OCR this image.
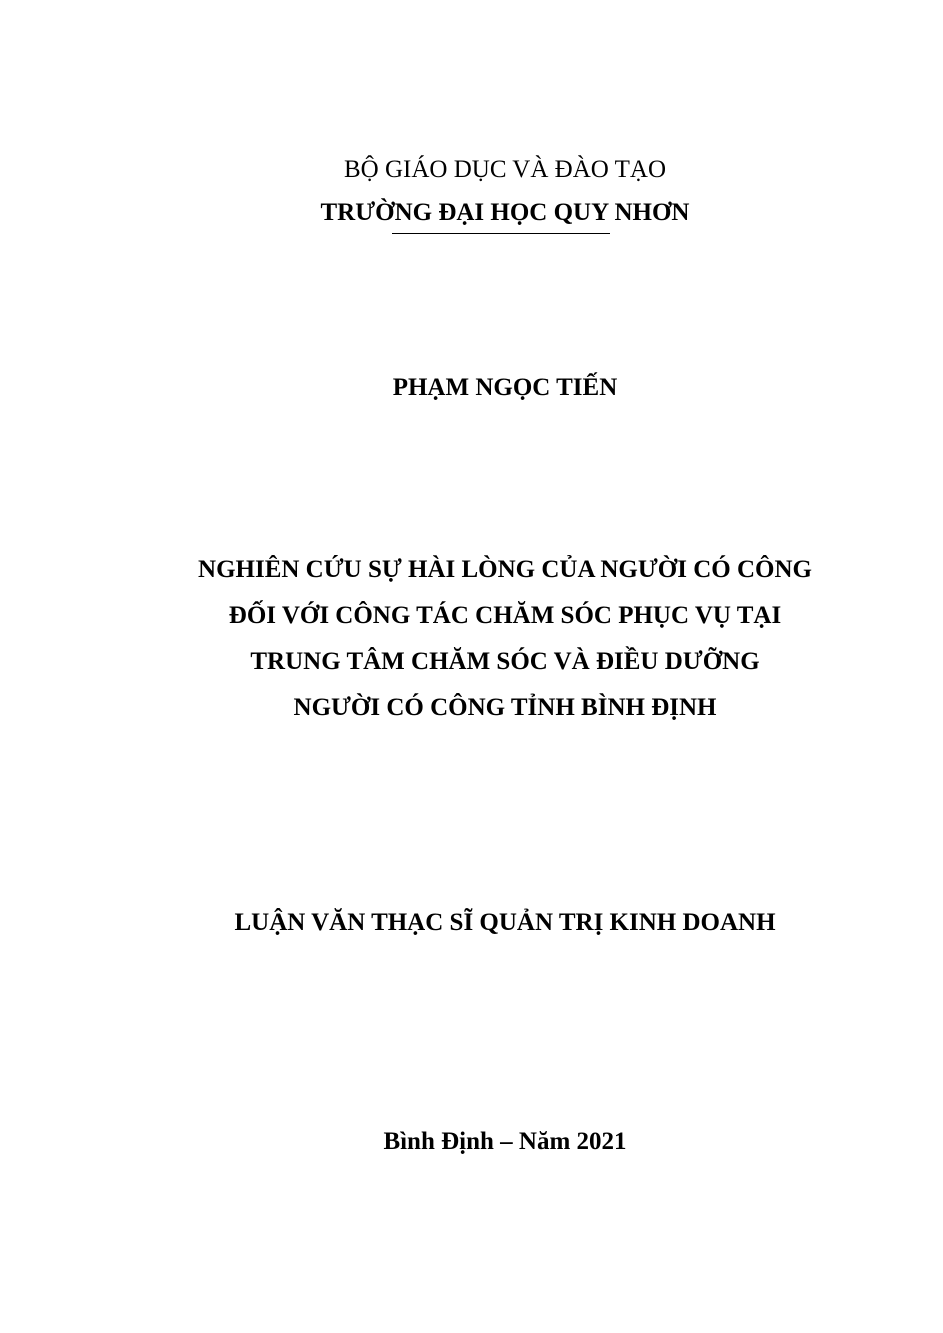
BỘ GIÁO DỤC VÀ ĐÀO TẠO
TRƯỜNG ĐẠI HỌC QUY NHƠN
PHẠM NGỌC TIẾN
NGHIÊN CỨU SỰ HÀI LÒNG CỦA NGƯỜI CÓ CÔNG
ĐỐI VỚI CÔNG TÁC CHĂM SÓC PHỤC VỤ TẠI
TRUNG TÂM CHĂM SÓC VÀ ĐIỀU DƯỠNG
NGƯỜI CÓ CÔNG TỈNH BÌNH ĐỊNH
LUẬN VĂN THẠC SĨ QUẢN TRỊ KINH DOANH
Bình Định – Năm 2021
